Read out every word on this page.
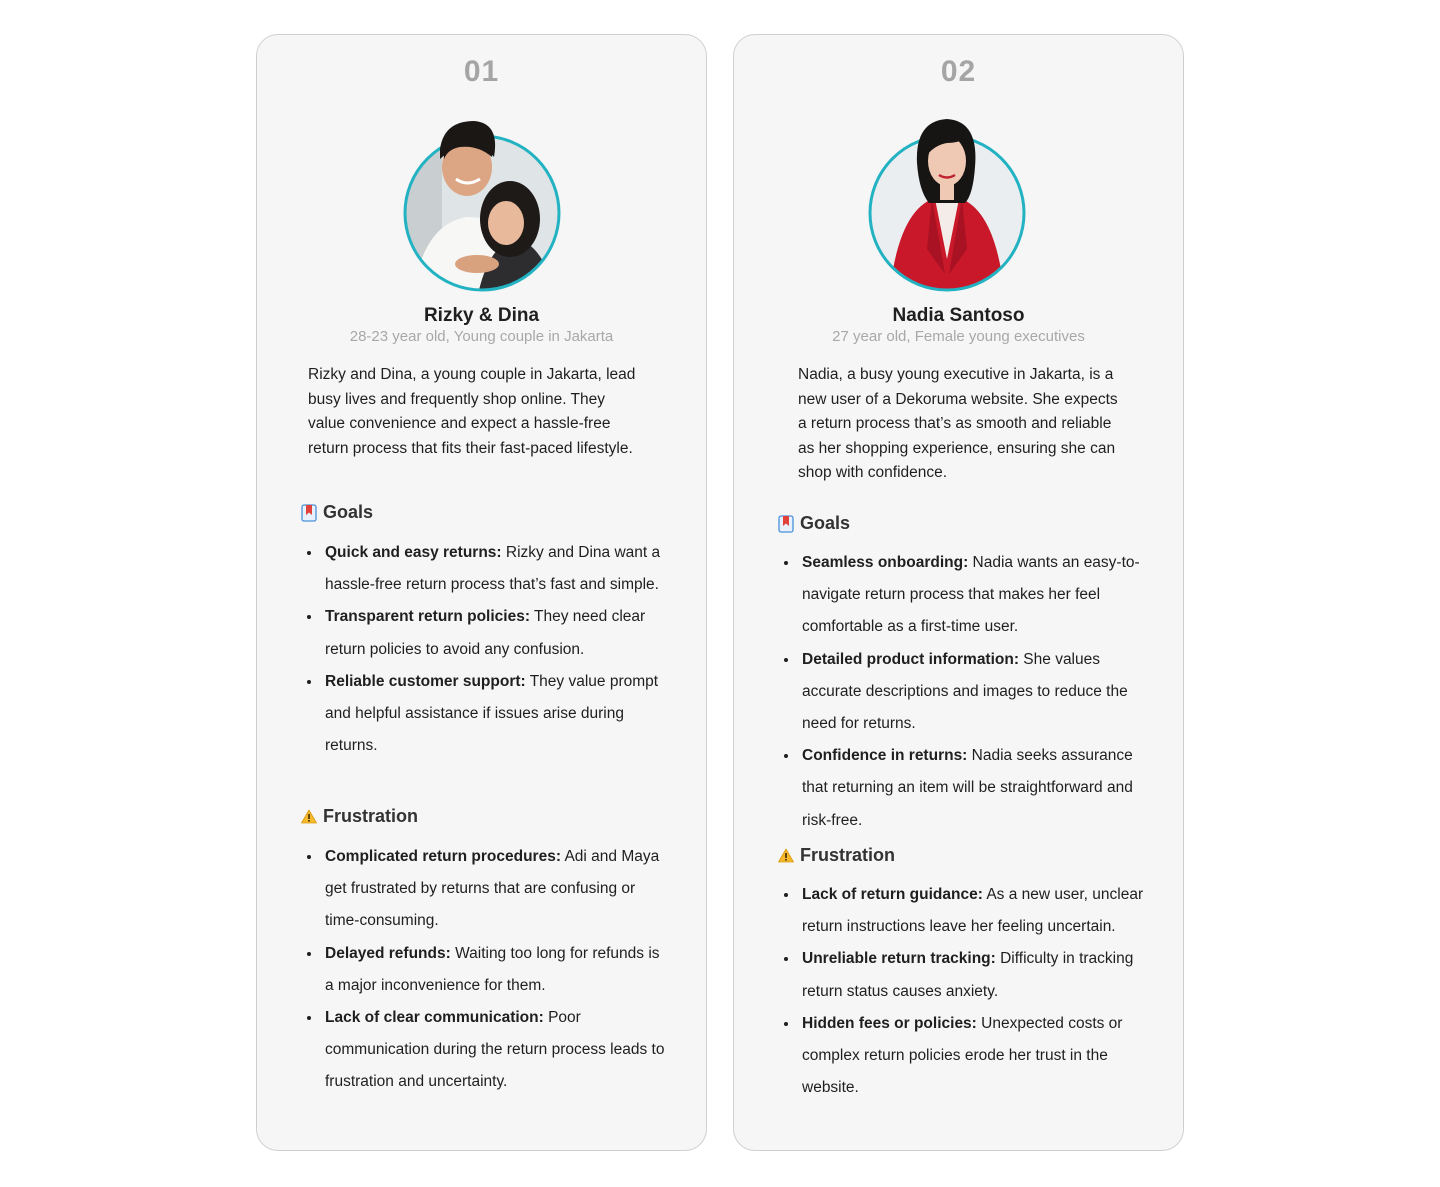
01
Rizky & Dina
28-23 year old, Young couple in Jakarta
Rizky and Dina, a young couple in Jakarta, lead busy lives and frequently shop online. They value convenience and expect a hassle-free return process that fits their fast-paced lifestyle.
Goals
Quick and easy returns: Rizky and Dina want a hassle-free return process that’s fast and simple.
Transparent return policies: They need clear return policies to avoid any confusion.
Reliable customer support: They value prompt and helpful assistance if issues arise during returns.
Frustration
Complicated return procedures: Adi and Maya get frustrated by returns that are confusing or time-consuming.
Delayed refunds: Waiting too long for refunds is a major inconvenience for them.
Lack of clear communication: Poor communication during the return process leads to frustration and uncertainty.
02
Nadia Santoso
27 year old, Female young executives
Nadia, a busy young executive in Jakarta, is a new user of a Dekoruma website. She expects a return process that’s as smooth and reliable as her shopping experience, ensuring she can shop with confidence.
Goals
Seamless onboarding: Nadia wants an easy-to-navigate return process that makes her feel comfortable as a first-time user.
Detailed product information: She values accurate descriptions and images to reduce the need for returns.
Confidence in returns: Nadia seeks assurance that returning an item will be straightforward and risk-free.
Frustration
Lack of return guidance: As a new user, unclear return instructions leave her feeling uncertain.
Unreliable return tracking: Difficulty in tracking return status causes anxiety.
Hidden fees or policies: Unexpected costs or complex return policies erode her trust in the website.
